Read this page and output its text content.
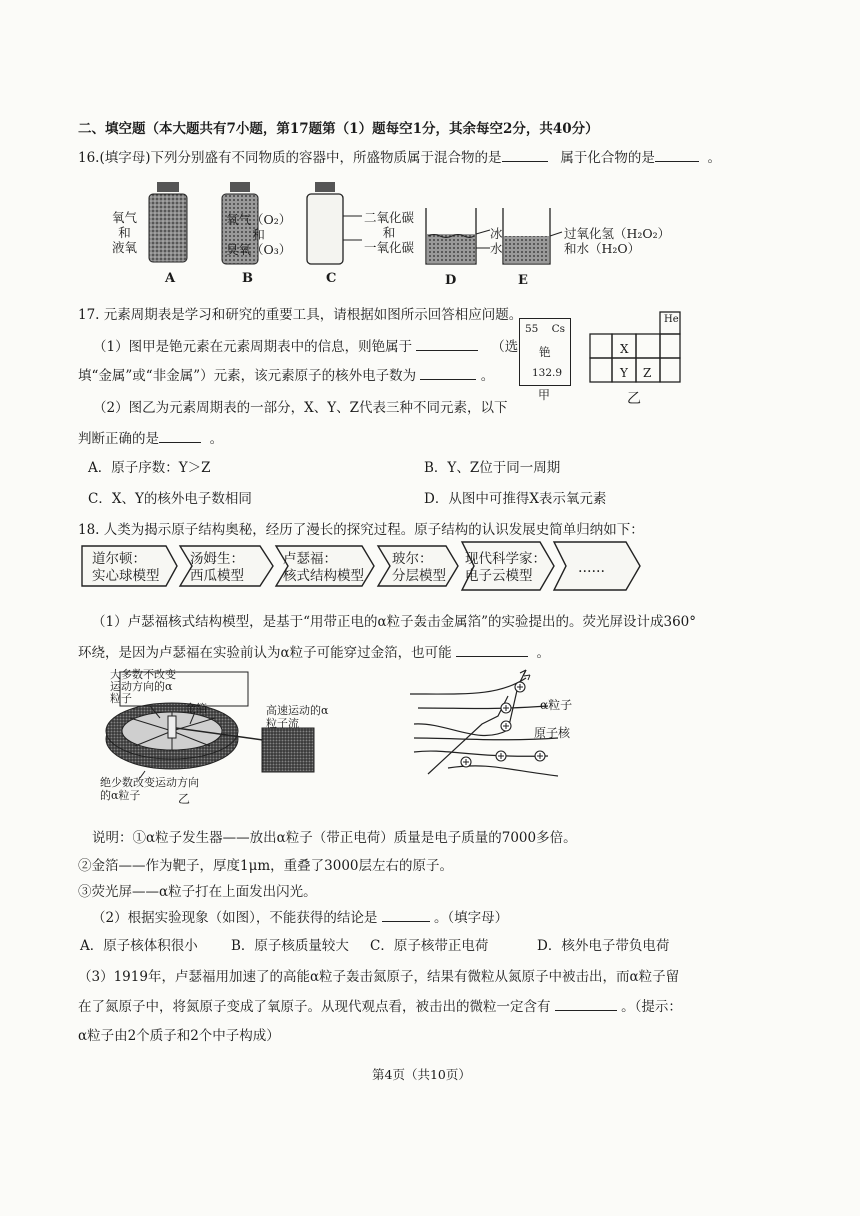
二、填空题（本大题共有7小题，第17题第（1）题每空1分，其余每空2分，共40分）
16.(填字母)下列分别盛有不同物质的容器中，所盛物质属于混合物的是	属于化合物的是	。
氧气
和
液氧
氧气（O₂）
和
臭氧（O₃）
二氧化碳
和
一氧化碳
冰
水
过氧化氢（H₂O₂）
和水（H₂O）
A	B	C	D	E
17. 元素周期表是学习和研究的重要工具，请根据如图所示回答相应问题。
（1）图甲是铯元素在元素周期表中的信息，则铯属于	（选
填“金属”或“非金属”）元素，该元素原子的核外电子数为	。
（2）图乙为元素周期表的一部分，X、Y、Z代表三种不同元素，以下
判断正确的是	。
A．原子序数：Y＞Z	B．Y、Z位于同一周期
C．X、Y的核外电子数相同	D．从图中可推得X表示氧元素
55 Cs
铯
132.9
甲
He
X
Y Z
乙
18. 人类为揭示原子结构奥秘，经历了漫长的探究过程。原子结构的认识发展史简单归纳如下：
道尔顿：
实心球模型
汤姆生：
西瓜模型
卢瑟福：
核式结构模型
玻尔：
分层模型
现代科学家：
电子云模型	……
（1）卢瑟福核式结构模型，是基于“用带正电的α粒子轰击金属箔”的实验提出的。荧光屏设计成360°
环绕，是因为卢瑟福在实验前认为α粒子可能穿过金箔，也可能	。
大多数不改变
运动方向的α
粒子
金箔	高速运动的α
粒子流
绝少数改变运动方向
的α粒子	乙
α粒子
原子核
说明：①α粒子发生器——放出α粒子（带正电荷）质量是电子质量的7000多倍。
②金箔——作为靶子，厚度1μm，重叠了3000层左右的原子。
③荧光屏——α粒子打在上面发出闪光。
（2）根据实验现象（如图），不能获得的结论是	。（填字母）
A．原子核体积很小 B．原子核质量较大 C．原子核带正电荷	D．核外电子带负电荷
（3）1919年，卢瑟福用加速了的高能α粒子轰击氮原子，结果有微粒从氮原子中被击出，而α粒子留
在了氮原子中，将氮原子变成了氧原子。从现代观点看，被击出的微粒一定含有	。（提示：
α粒子由2个质子和2个中子构成）
第4页（共10页）
